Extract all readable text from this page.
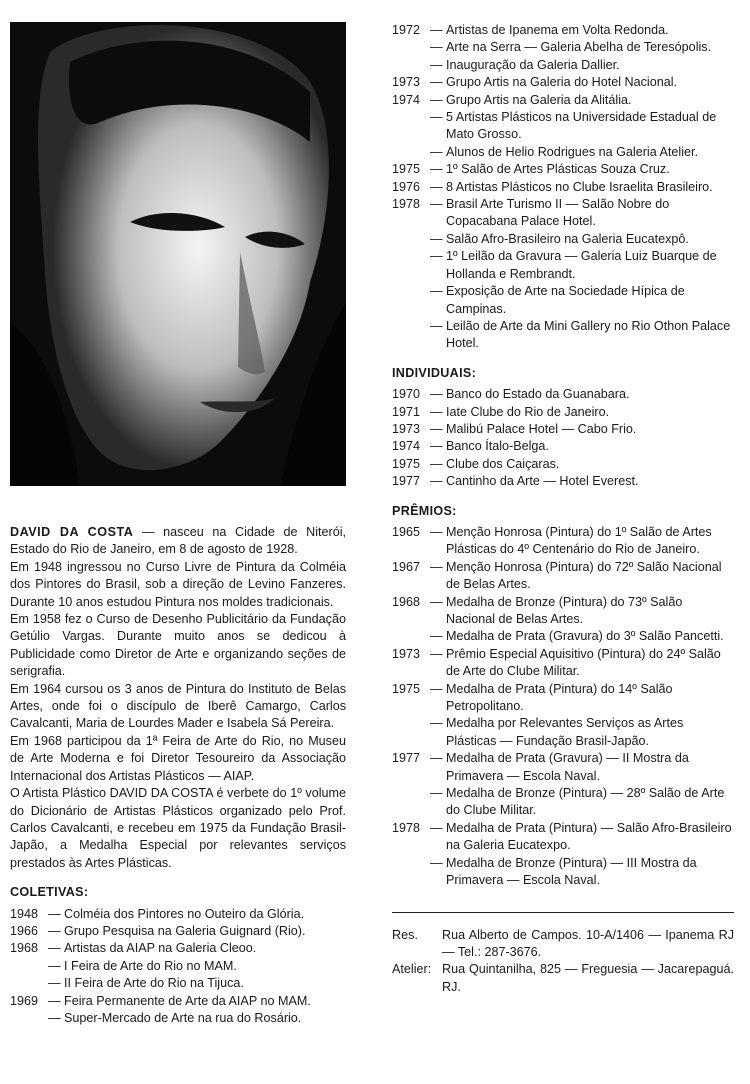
DAVID DA COSTA — nasceu na Cidade de Niterói, Estado do Rio de Janeiro, em 8 de agosto de 1928.

Em 1948 ingressou no Curso Livre de Pintura da Colméia dos Pintores do Brasil, sob a direção de Levino Fanzeres. Durante 10 anos estudou Pintura nos moldes tradicionais.

Em 1958 fez o Curso de Desenho Publicitário da Fundação Getúlio Vargas. Durante muito anos se dedicou à Publicidade como Diretor de Arte e organizando seções de serigrafia.

Em 1964 cursou os 3 anos de Pintura do Instituto de Belas Artes, onde foi o discípulo de Iberê Camargo, Carlos Cavalcanti, Maria de Lourdes Mader e Isabela Sá Pereira.

Em 1968 participou da 1ª Feira de Arte do Rio, no Museu de Arte Moderna e foi Diretor Tesoureiro da Associação Internacional dos Artistas Plásticos — AIAP.

O Artista Plástico DAVID DA COSTA é verbete do 1º volume do Dicionário de Artistas Plásticos organizado pelo Prof. Carlos Cavalcanti, e recebeu em 1975 da Fundação Brasil-Japão, a Medalha Especial por relevantes serviços prestados às Artes Plásticas.

COLETIVAS:
1948 — Colméia dos Pintores no Outeiro da Glória.
1966 — Grupo Pesquisa na Galeria Guignard (Rio).
1968 — Artistas da AIAP na Galeria Cleoo.
— I Feira de Arte do Rio no MAM.
— II Feira de Arte do Rio na Tijuca.
1969 — Feira Permanente de Arte da AIAP no MAM.
— Super-Mercado de Arte na rua do Rosário.
1972 — Artistas de Ipanema em Volta Redonda.
— Arte na Serra — Galeria Abelha de Teresópolis.
— Inauguração da Galeria Dallier.
1973 — Grupo Artis na Galeria do Hotel Nacional.
1974 — Grupo Artis na Galeria da Alitália.
— 5 Artistas Plásticos na Universidade Estadual de Mato Grosso.
— Alunos de Helio Rodrigues na Galeria Atelier.
1975 — 1º Salão de Artes Plásticas Souza Cruz.
1976 — 8 Artistas Plásticos no Clube Israelita Brasileiro.
1978 — Brasil Arte Turismo II — Salão Nobre do Copacabana Palace Hotel.
— Salão Afro-Brasileiro na Galeria Eucatexpô.
— 1º Leilão da Gravura — Galeria Luiz Buarque de Hollanda e Rembrandt.
— Exposição de Arte na Sociedade Hípica de Campinas.
— Leilão de Arte da Mini Gallery no Rio Othon Palace Hotel.
INDIVIDUAIS:
1970 — Banco do Estado da Guanabara.
1971 — Iate Clube do Rio de Janeiro.
1973 — Malibú Palace Hotel — Cabo Frio.
1974 — Banco Ítalo-Belga.
1975 — Clube dos Caiçaras.
1977 — Cantinho da Arte — Hotel Everest.
PRÊMIOS:
1965 — Menção Honrosa (Pintura) do 1º Salão de Artes Plásticas do 4º Centenário do Rio de Janeiro.
1967 — Menção Honrosa (Pintura) do 72º Salão Nacional de Belas Artes.
1968 — Medalha de Bronze (Pintura) do 73º Salão Nacional de Belas Artes.
— Medalha de Prata (Gravura) do 3º Salão Pancetti.
1973 — Prêmio Especial Aquisitivo (Pintura) do 24º Salão de Arte do Clube Militar.
1975 — Medalha de Prata (Pintura) do 14º Salão Petropolitano.
— Medalha por Relevantes Serviços as Artes Plásticas — Fundação Brasil-Japão.
1977 — Medalha de Prata (Gravura) — II Mostra da Primavera — Escola Naval.
— Medalha de Bronze (Pintura) — 28º Salão de Arte do Clube Militar.
1978 — Medalha de Prata (Pintura) — Salão Afro-Brasileiro na Galeria Eucatexpo.
— Medalha de Bronze (Pintura) — III Mostra da Primavera — Escola Naval.
Res.	Rua Alberto de Campos. 10-A/1406 — Ipanema RJ — Tel.: 287-3676.
Atelier: Rua Quintanilha, 825 — Freguesia — Jacarepaguá. RJ.
